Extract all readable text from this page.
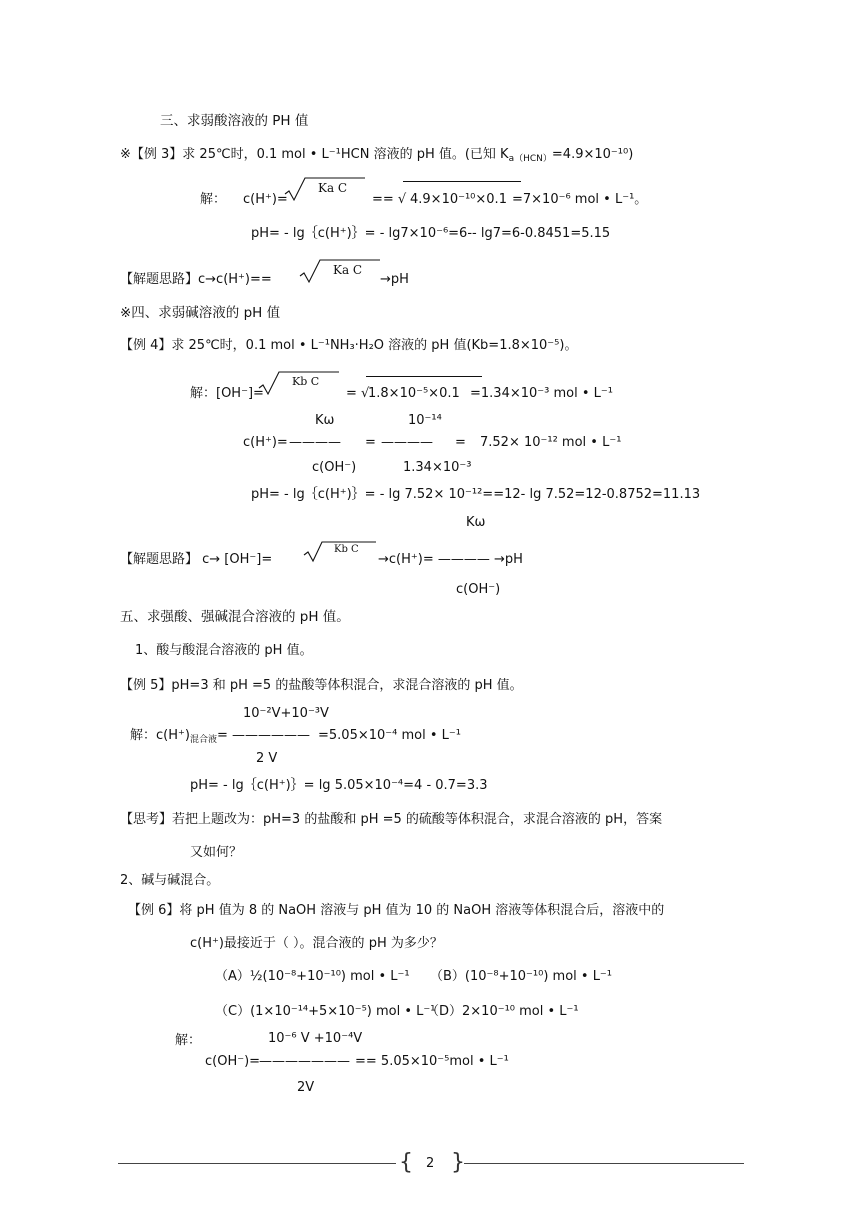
三、求弱酸溶液的 PH 值
※【例 3】求 25℃时，0.1 mol • L⁻¹HCN 溶液的 pH 值。(已知 $K_{a(HCN)}=4.9\times 10^{-10}$)
解： c(H⁺)=
Ka C
== √ 4.9×10⁻¹⁰×0.1 =7×10⁻⁶ mol • L⁻¹。
pH= - lg｛c(H⁺)｝= - lg7×10⁻⁶=6-- lg7=6-0.8451=5.15
【解题思路】c→c(H⁺)==
Ka C
→pH
※四、求弱碱溶液的 pH 值
【例 4】求 25℃时，0.1 mol • L⁻¹NH₃·H₂O 溶液的 pH 值(Kb=1.8×10⁻⁵)。
解：[OH⁻]=
Kb C
= √
1.8×10⁻⁵×0.1 =1.34×10⁻³ mol • L⁻¹
Kω	10⁻¹⁴
c(H⁺)= ———— = ———— = 7.52× 10⁻¹² mol • L⁻¹
c(OH⁻)	1.34×10⁻³
pH= - lg｛c(H⁺)｝= - lg 7.52× 10⁻¹²==12- lg 7.52=12-0.8752=11.13
Kω
【解题思路】 c→ [OH⁻]=
Kb C
→c(H⁺)= ———— →pH
c(OH⁻)
五、求强酸、强碱混合溶液的 pH 值。
1、酸与酸混合溶液的 pH 值。
【例 5】pH=3 和 pH =5 的盐酸等体积混合，求混合溶液的 pH 值。
10⁻²V+10⁻³V
解：$c(H^+)_{混合液}=$ —————— =5.05×10⁻⁴ mol • L⁻¹
2 V
pH= - lg｛c(H⁺)｝= lg 5.05×10⁻⁴=4 - 0.7=3.3
【思考】若把上题改为：pH=3 的盐酸和 pH =5 的硫酸等体积混合，求混合溶液的 pH，答案
又如何？
2、碱与碱混合。
【例 6】将 pH 值为 8 的 NaOH 溶液与 pH 值为 10 的 NaOH 溶液等体积混合后，溶液中的
c(H⁺)最接近于（ ）。混合液的 pH 为多少？
（A）½(10⁻⁸+10⁻¹⁰) mol • L⁻¹ （B）(10⁻⁸+10⁻¹⁰) mol • L⁻¹
（C）(1×10⁻¹⁴+5×10⁻⁵) mol • L⁻¹
（D）2×10⁻¹⁰ mol • L⁻¹
解：	10⁻⁶ V +10⁻⁴V
c(OH⁻)=
——————— == 5.05×10⁻⁵mol • L⁻¹
2V
{ 2 }
